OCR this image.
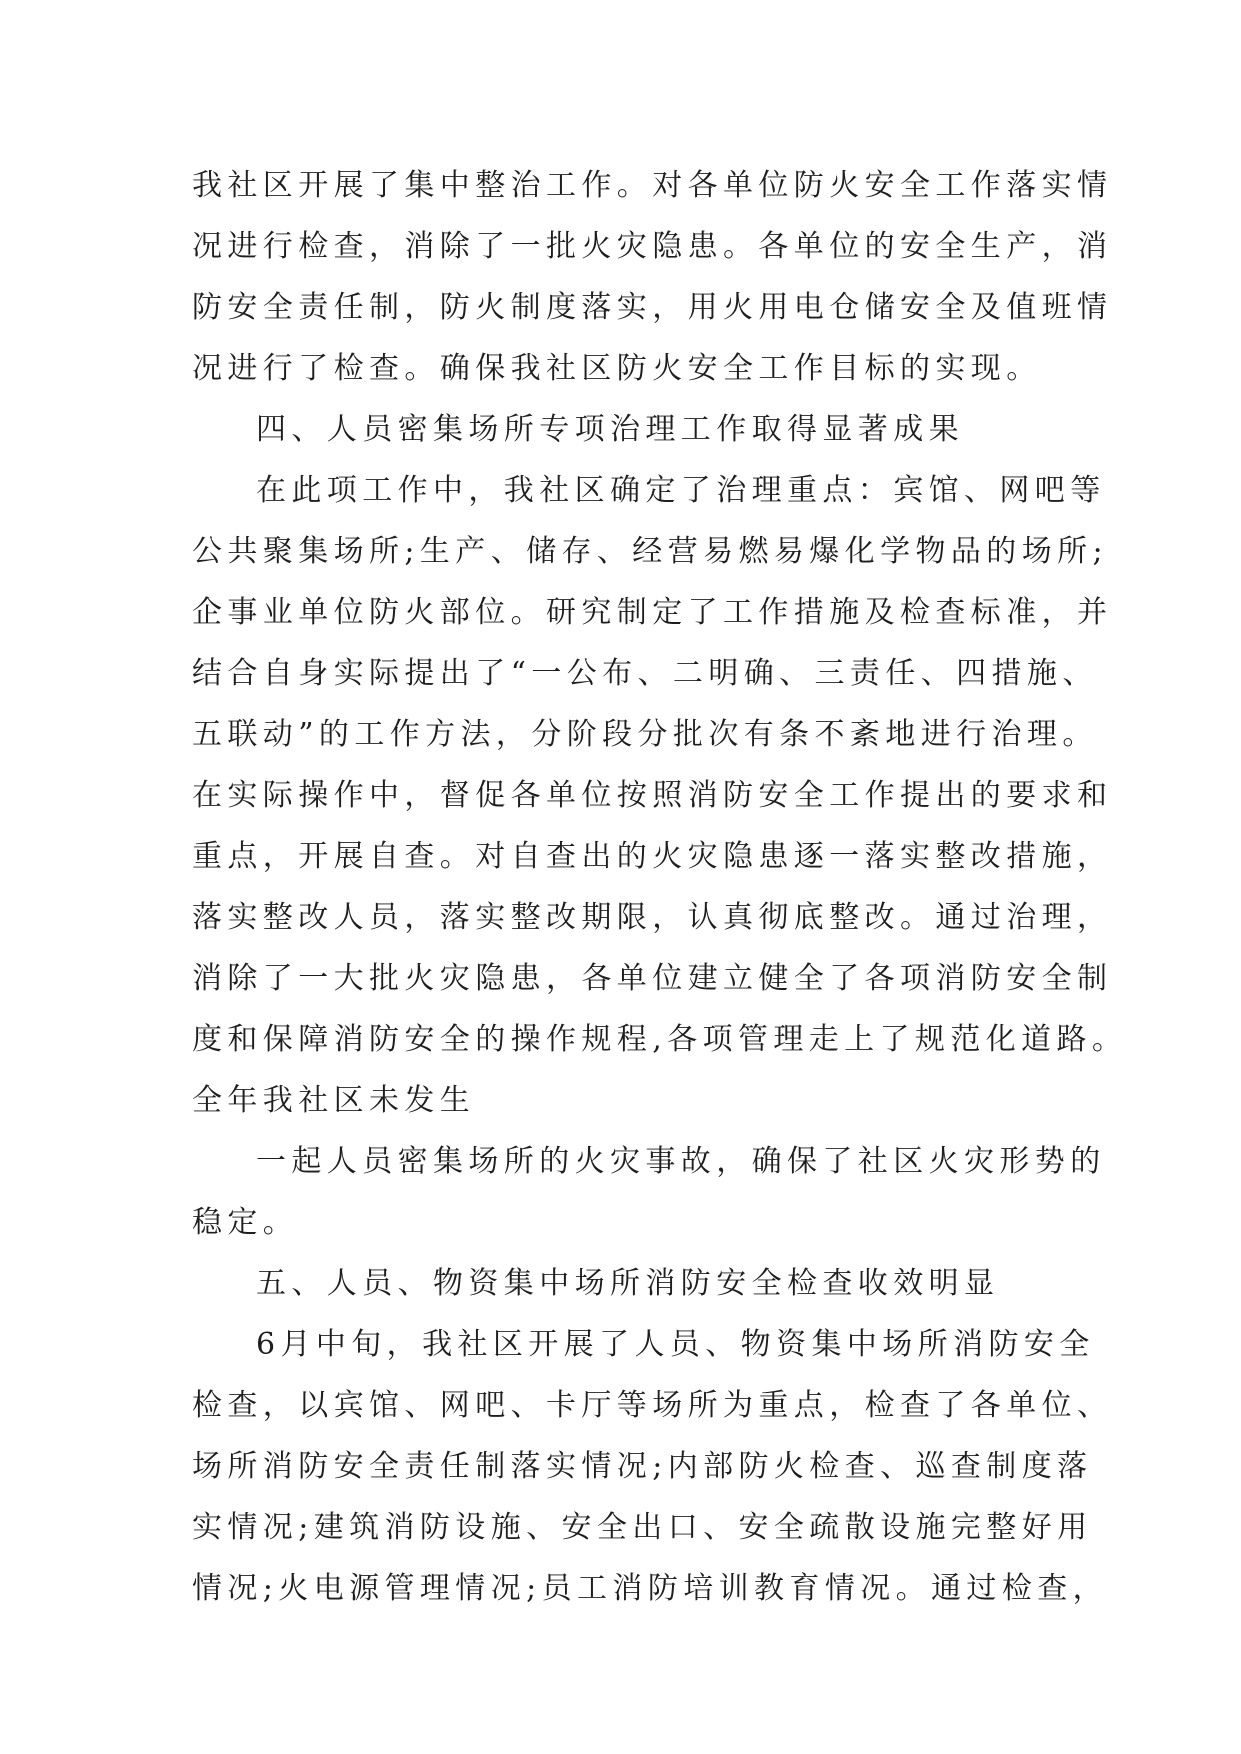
我社区开展了集中整治工作。对各单位防火安全工作落实情
况进行检查，消除了一批火灾隐患。各单位的安全生产，消
防安全责任制，防火制度落实，用火用电仓储安全及值班情
况进行了检查。确保我社区防火安全工作目标的实现。
四、人员密集场所专项治理工作取得显著成果
在此项工作中，我社区确定了治理重点：宾馆、网吧等
公共聚集场所;生产、储存、经营易燃易爆化学物品的场所;
企事业单位防火部位。研究制定了工作措施及检查标准，并
结合自身实际提出了“一公布、二明确、三责任、四措施、
五联动”的工作方法，分阶段分批次有条不紊地进行治理。
在实际操作中，督促各单位按照消防安全工作提出的要求和
重点，开展自查。对自查出的火灾隐患逐一落实整改措施，
落实整改人员，落实整改期限，认真彻底整改。通过治理，
消除了一大批火灾隐患，各单位建立健全了各项消防安全制
度和保障消防安全的操作规程,各项管理走上了规范化道路。
全年我社区未发生
一起人员密集场所的火灾事故，确保了社区火灾形势的
稳定。
五、人员、物资集中场所消防安全检查收效明显
6月中旬，我社区开展了人员、物资集中场所消防安全
检查，以宾馆、网吧、卡厅等场所为重点，检查了各单位、
场所消防安全责任制落实情况;内部防火检查、巡查制度落
实情况;建筑消防设施、安全出口、安全疏散设施完整好用
情况;火电源管理情况;员工消防培训教育情况。通过检查，
